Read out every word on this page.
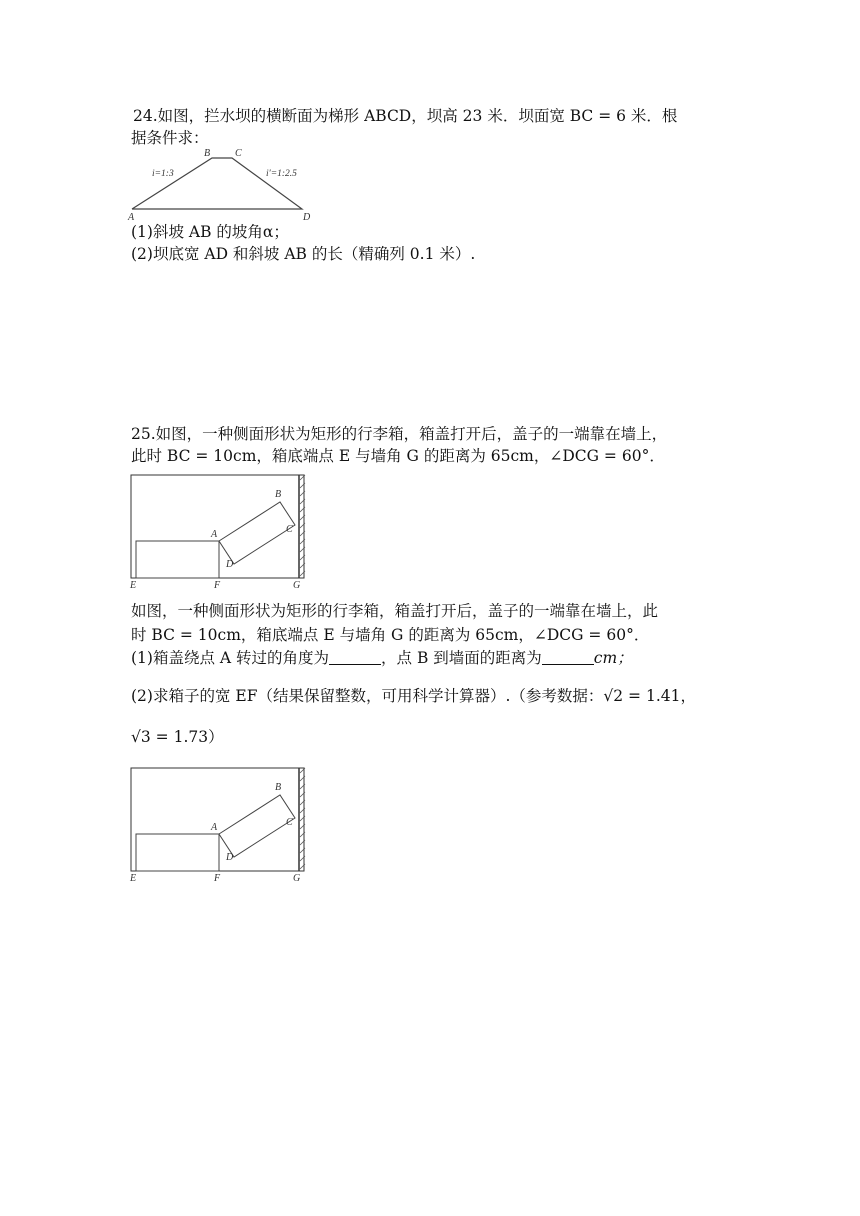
24.如图，拦水坝的横断面为梯形 ABCD，坝高 23 米．坝面宽 BC = 6 米．根
据条件求：
A
B C
D
i=1:3	i′=1:2.5
(1)斜坡 AB 的坡角α；
(2)坝底宽 AD 和斜坡 AB 的长（精确列 0.1 米）.
25.如图，一种侧面形状为矩形的行李箱，箱盖打开后，盖子的一端靠在墙上，
此时 BC = 10cm，箱底端点 E 与墙角 G 的距离为 65cm，∠DCG = 60°．
A
B
C
D
E	F	G
如图，一种侧面形状为矩形的行李箱，箱盖打开后，盖子的一端靠在墙上，此
时 BC = 10cm，箱底端点 E 与墙角 G 的距离为 65cm，∠DCG = 60°．
(1)箱盖绕点 A 转过的角度为	，点 B 到墙面的距离为	cm；
(2)求箱子的宽 EF（结果保留整数，可用科学计算器）.（参考数据：√2 = 1.41，
√3 = 1.73）
A
B
C
D
E	F	G
